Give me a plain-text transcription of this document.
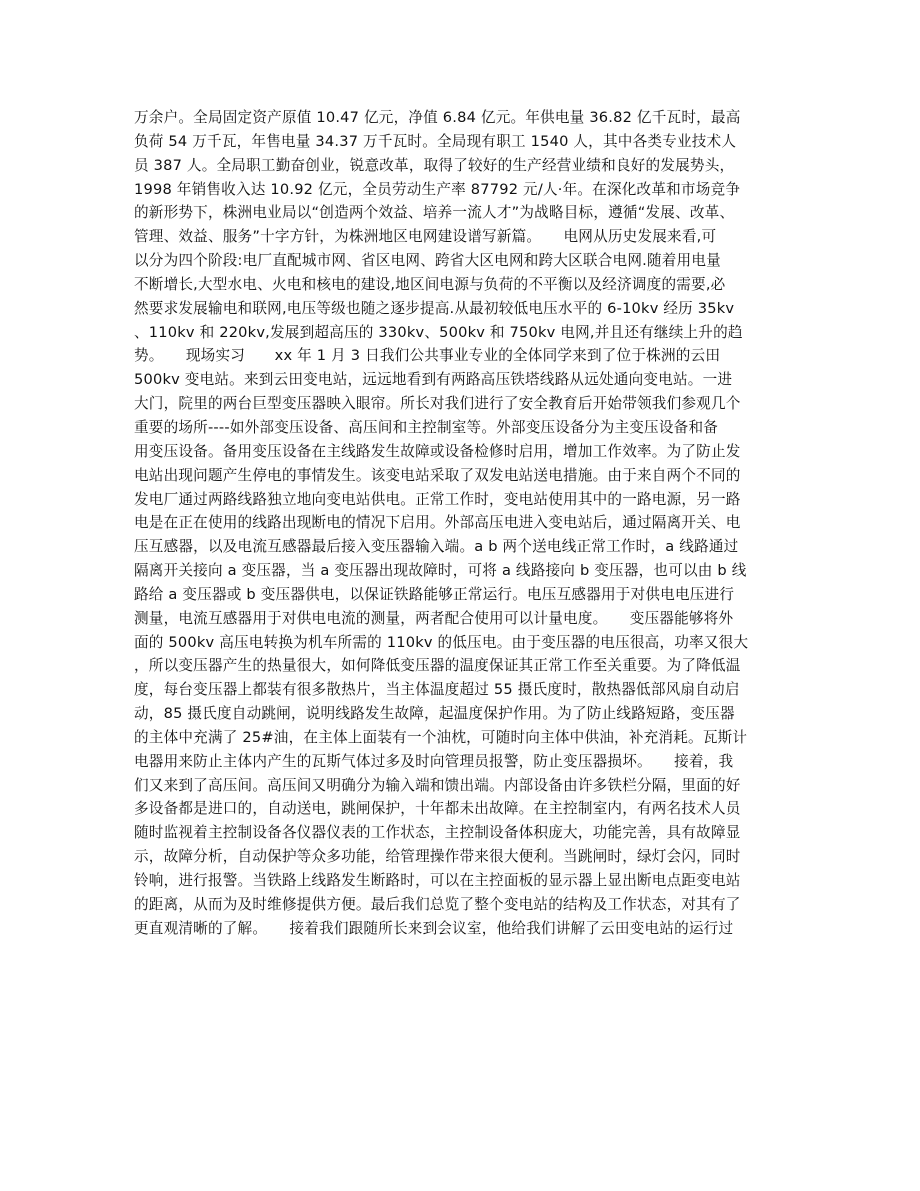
万余户。全局固定资产原值 10.47 亿元，净值 6.84 亿元。年供电量 36.82 亿千瓦时，最高
负荷 54 万千瓦，年售电量 34.37 万千瓦时。全局现有职工 1540 人，其中各类专业技术人
员 387 人。全局职工勤奋创业，锐意改革，取得了较好的生产经营业绩和良好的发展势头，
1998 年销售收入达 10.92 亿元，全员劳动生产率 87792 元/人·年。在深化改革和市场竞争
的新形势下，株洲电业局以“创造两个效益、培养一流人才”为战略目标，遵循“发展、改革、
管理、效益、服务”十字方针，为株洲地区电网建设谱写新篇。　　电网从历史发展来看,可
以分为四个阶段:电厂直配城市网、省区电网、跨省大区电网和跨大区联合电网.随着用电量
不断增长,大型水电、火电和核电的建设,地区间电源与负荷的不平衡以及经济调度的需要,必
然要求发展输电和联网,电压等级也随之逐步提高.从最初较低电压水平的 6-10kv 经历 35kv
、110kv 和 220kv,发展到超高压的 330kv、500kv 和 750kv 电网,并且还有继续上升的趋
势。　　现场实习　　xx 年 1 月 3 日我们公共事业专业的全体同学来到了位于株洲的云田
500kv 变电站。来到云田变电站，远远地看到有两路高压铁塔线路从远处通向变电站。一进
大门，院里的两台巨型变压器映入眼帘。所长对我们进行了安全教育后开始带领我们参观几个
重要的场所----如外部变压设备、高压间和主控制室等。外部变压设备分为主变压设备和备
用变压设备。备用变压设备在主线路发生故障或设备检修时启用，增加工作效率。为了防止发
电站出现问题产生停电的事情发生。该变电站采取了双发电站送电措施。由于来自两个不同的
发电厂通过两路线路独立地向变电站供电。正常工作时，变电站使用其中的一路电源，另一路
电是在正在使用的线路出现断电的情况下启用。外部高压电进入变电站后，通过隔离开关、电
压互感器，以及电流互感器最后接入变压器输入端。a b 两个送电线正常工作时，a 线路通过
隔离开关接向 a 变压器，当 a 变压器出现故障时，可将 a 线路接向 b 变压器，也可以由 b 线
路给 a 变压器或 b 变压器供电，以保证铁路能够正常运行。电压互感器用于对供电电压进行
测量，电流互感器用于对供电电流的测量，两者配合使用可以计量电度。　　变压器能够将外
面的 500kv 高压电转换为机车所需的 110kv 的低压电。由于变压器的电压很高，功率又很大
，所以变压器产生的热量很大，如何降低变压器的温度保证其正常工作至关重要。为了降低温
度，每台变压器上都装有很多散热片，当主体温度超过 55 摄氏度时，散热器低部风扇自动启
动，85 摄氏度自动跳闸，说明线路发生故障，起温度保护作用。为了防止线路短路，变压器
的主体中充满了 25#油，在主体上面装有一个油枕，可随时向主体中供油，补充消耗。瓦斯计
电器用来防止主体内产生的瓦斯气体过多及时向管理员报警，防止变压器损坏。　　接着，我
们又来到了高压间。高压间又明确分为输入端和馈出端。内部设备由许多铁栏分隔，里面的好
多设备都是进口的，自动送电，跳闸保护，十年都未出故障。在主控制室内，有两名技术人员
随时监视着主控制设备各仪器仪表的工作状态，主控制设备体积庞大，功能完善，具有故障显
示，故障分析，自动保护等众多功能，给管理操作带来很大便利。当跳闸时，绿灯会闪，同时
铃响，进行报警。当铁路上线路发生断路时，可以在主控面板的显示器上显出断电点距变电站
的距离，从而为及时维修提供方便。最后我们总览了整个变电站的结构及工作状态，对其有了
更直观清晰的了解。　　接着我们跟随所长来到会议室，他给我们讲解了云田变电站的运行过
